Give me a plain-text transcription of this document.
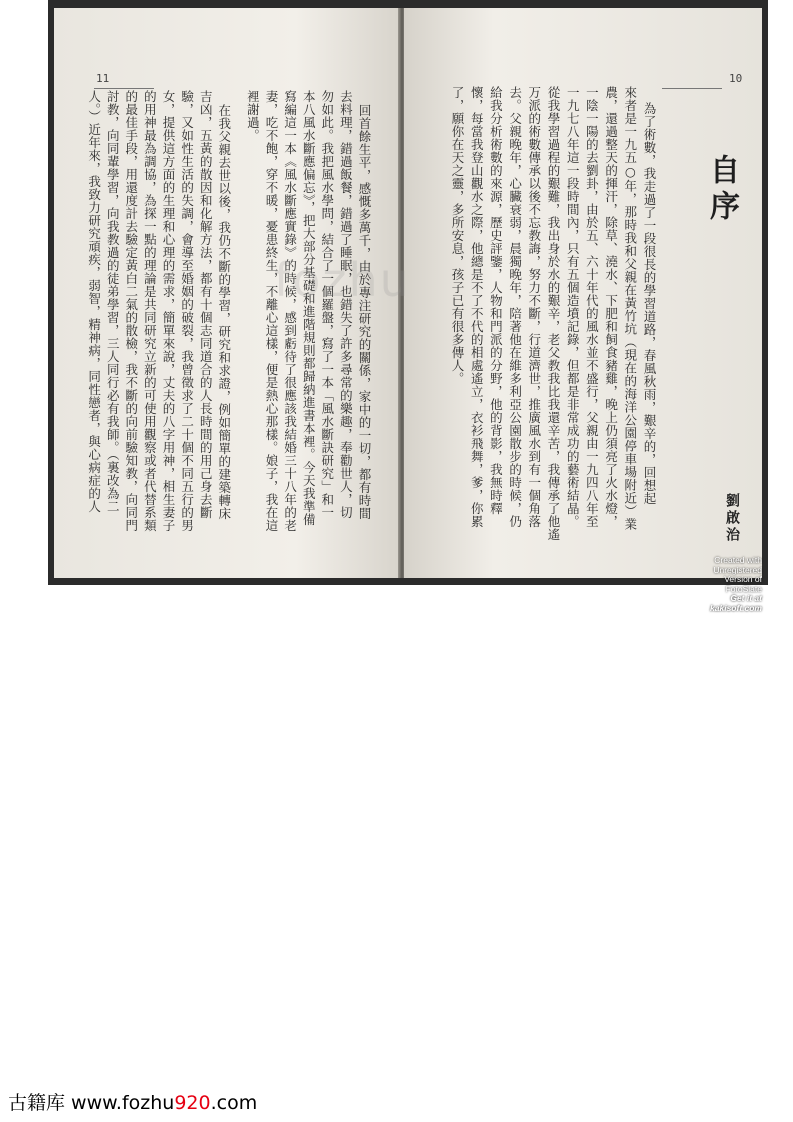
11
回首餘生平，感慨多萬千，由於專注研究的關係，家中的一切，都有時間
去料理，錯過飯餐，錯過了睡眠，也錯失了許多尋常的樂趣，奉勸世人，切
勿如此。我把風水學問，結合了一個羅盤，寫了一本「風水斷訣研究」和一
本八風水斷應偏忘》，把大部分基礎和進階規則都歸納進書本裡。今天我準備
寫編這一本《風水斷應實錄》的時候，感到虧待了很應該我結婚三十八年的老
妻，吃不飽，穿不暖，憂患終生，不離心這樣，便是熱心那樣。娘子，我在這
裡謝過。
在我父親去世以後，我仍不斷的學習，研究和求證，例如簡單的建築轉床
吉凶，五黃的散因和化解方法，都有十個志同道合的人長時間的用己身去斷
驗，又如性生活的失調，會導至婚姻的破裂，我曾徵求了二十個不同五行的男
女，提供這方面的生理和心理的需求，簡單來說，丈夫的八字用神，相生妻子
的用神最為調協，為探一點的理論是共同研究立新的可使用觀察或者代替系類
的最佳手段，用還度計去驗定黃白二氣的散檢，我不斷的向前驗知教，向同門
討教，向同輩學習，向我教過的徒弟學習，三人同行必有我師。（裏改為二
人。）近年來，我致力研究頑疾，弱智，精神病，同性戀者，與心病症的人
10
自序
劉啟治
為了術數，我走過了一段很長的學習道路，春風秋雨，艱辛的，回想起
來者是一九五○年，那時我和父親在黃竹坑（現在的海洋公園停車場附近）業
農，還過整天的揮汗，除草、澆水、下肥和飼食豬雞，晚上仍須亮了火水燈，
一陰一陽的去劉卦，由於五、六十年代的風水並不盛行，父親由一九四八年至
一九七八年這一段時間內，只有五個造墳記錄，但都是非常成功的藝術結晶。
從我學習過程的艱難，我出身於水的艱辛，老父教我比我還辛苦，我傳承了他遙
万派的術數傳承以後不忘教誨，努力不斷，行道濟世，推廣風水到有一個角落
去。父親晚年，心臟衰弱，晨獨晚年，陪著他在維多利亞公園散步的時候，仍
給我分析術數的來源，歷史評鑒，人物和門派的分野，他的背影，我無時釋
懷，每當我登山觀水之際，他總是不了不代的相處遙立，衣衫飛舞，爹，你累
了，願你在天之靈，多所安息，孩子已有很多傳人。
fozhu
Created with Unregistered
Version of FotoSlate
Get it at kakisoft.com
古籍库 www.fozhu920.com
